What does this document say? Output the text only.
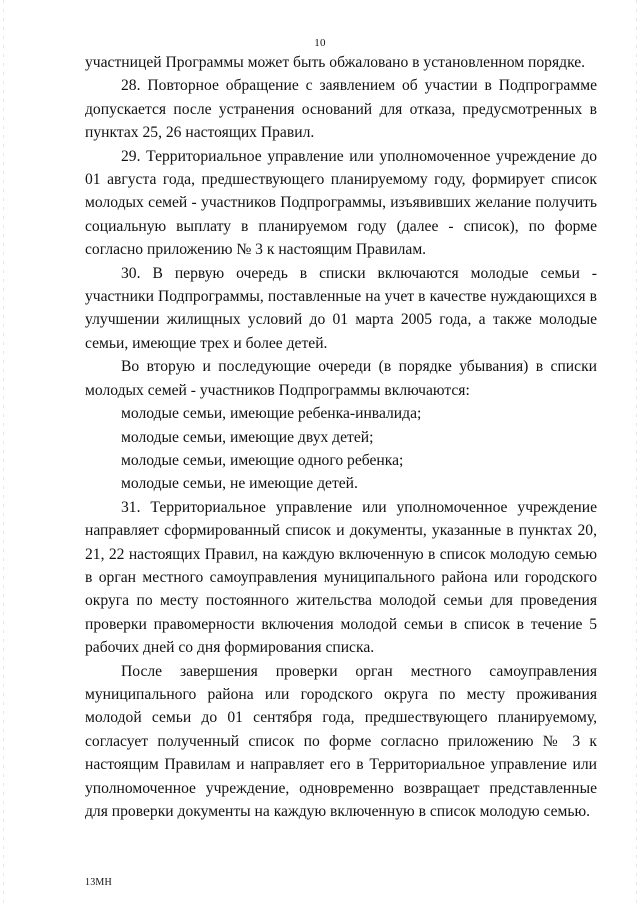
10

участницей Программы может быть обжаловано в установленном порядке.

28. Повторное обращение с заявлением об участии в Подпрограмме допускается после устранения оснований для отказа, предусмотренных в пунктах 25, 26 настоящих Правил.

29. Территориальное управление или уполномоченное учреждение до 01 августа года, предшествующего планируемому году, формирует список молодых семей - участников Подпрограммы, изъявивших желание получить социальную выплату в планируемом году (далее - список), по форме согласно приложению № 3 к настоящим Правилам.

30. В первую очередь в списки включаются молодые семьи - участники Подпрограммы, поставленные на учет в качестве нуждающихся в улучшении жилищных условий до 01 марта 2005 года, а также молодые семьи, имеющие трех и более детей.

Во вторую и последующие очереди (в порядке убывания) в списки молодых семей - участников Подпрограммы включаются:

молодые семьи, имеющие ребенка-инвалида;

молодые семьи, имеющие двух детей;

молодые семьи, имеющие одного ребенка;

молодые семьи, не имеющие детей.

31. Территориальное управление или уполномоченное учреждение направляет сформированный список и документы, указанные в пунктах 20, 21, 22 настоящих Правил, на каждую включенную в список молодую семью в орган местного самоуправления муниципального района или городского округа по месту постоянного жительства молодой семьи для проведения проверки правомерности включения молодой семьи в список в течение 5 рабочих дней со дня формирования списка.

После завершения проверки орган местного самоуправления муниципального района или городского округа по месту проживания молодой семьи до 01 сентября года, предшествующего планируемому, согласует полученный список по форме согласно приложению № 3 к настоящим Правилам и направляет его в Территориальное управление или уполномоченное учреждение, одновременно возвращает представленные для проверки документы на каждую включенную в список молодую семью.

13МН
